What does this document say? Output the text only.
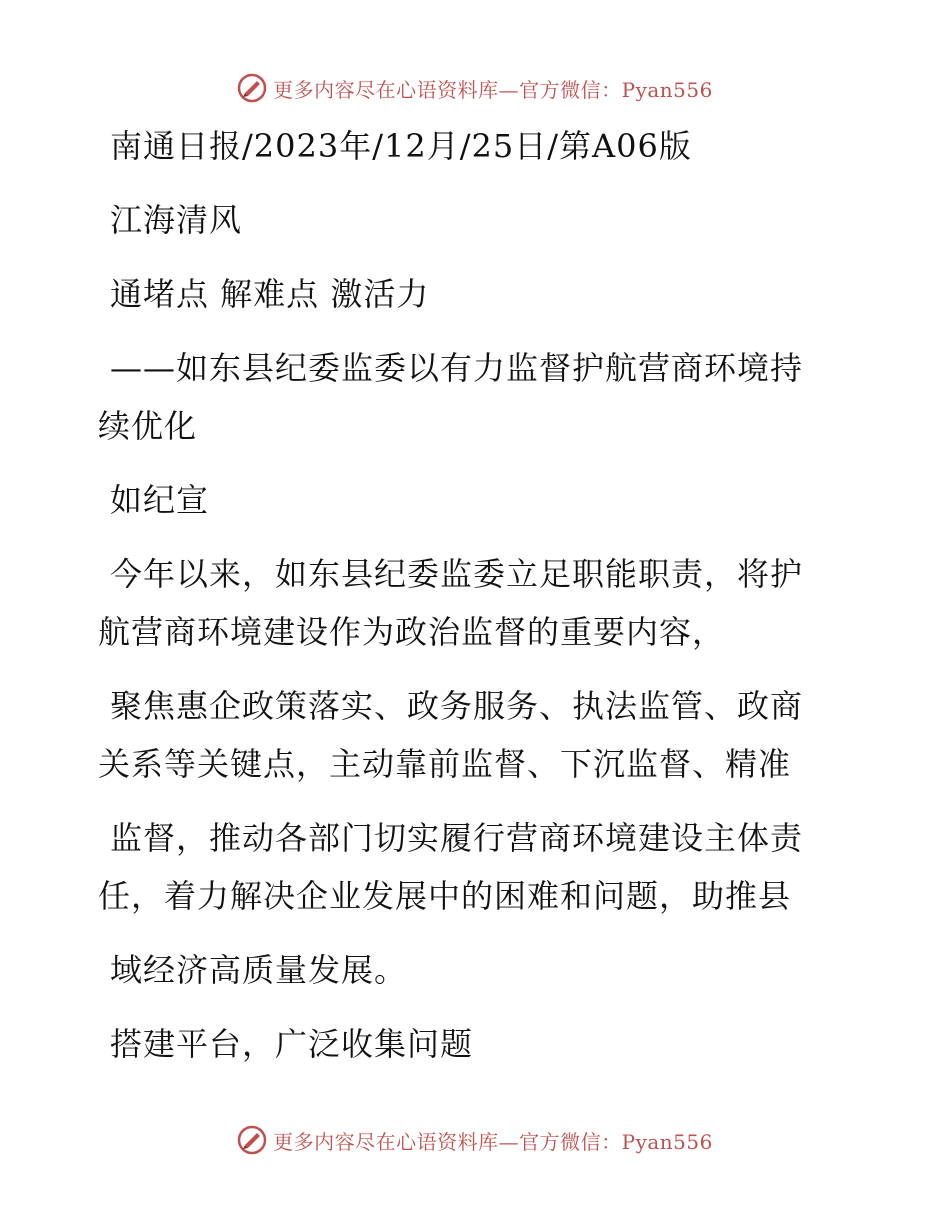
更多内容尽在心语资料库—官方微信：Pyan556
南通日报/2023年/12月/25日/第A06版
江海清风
通堵点 解难点 激活力
——如东县纪委监委以有力监督护航营商环境持
续优化
如纪宣
今年以来，如东县纪委监委立足职能职责，将护
航营商环境建设作为政治监督的重要内容，
聚焦惠企政策落实、政务服务、执法监管、政商
关系等关键点，主动靠前监督、下沉监督、精准
监督，推动各部门切实履行营商环境建设主体责
任，着力解决企业发展中的困难和问题，助推县
域经济高质量发展。
搭建平台，广泛收集问题
更多内容尽在心语资料库—官方微信：Pyan556
